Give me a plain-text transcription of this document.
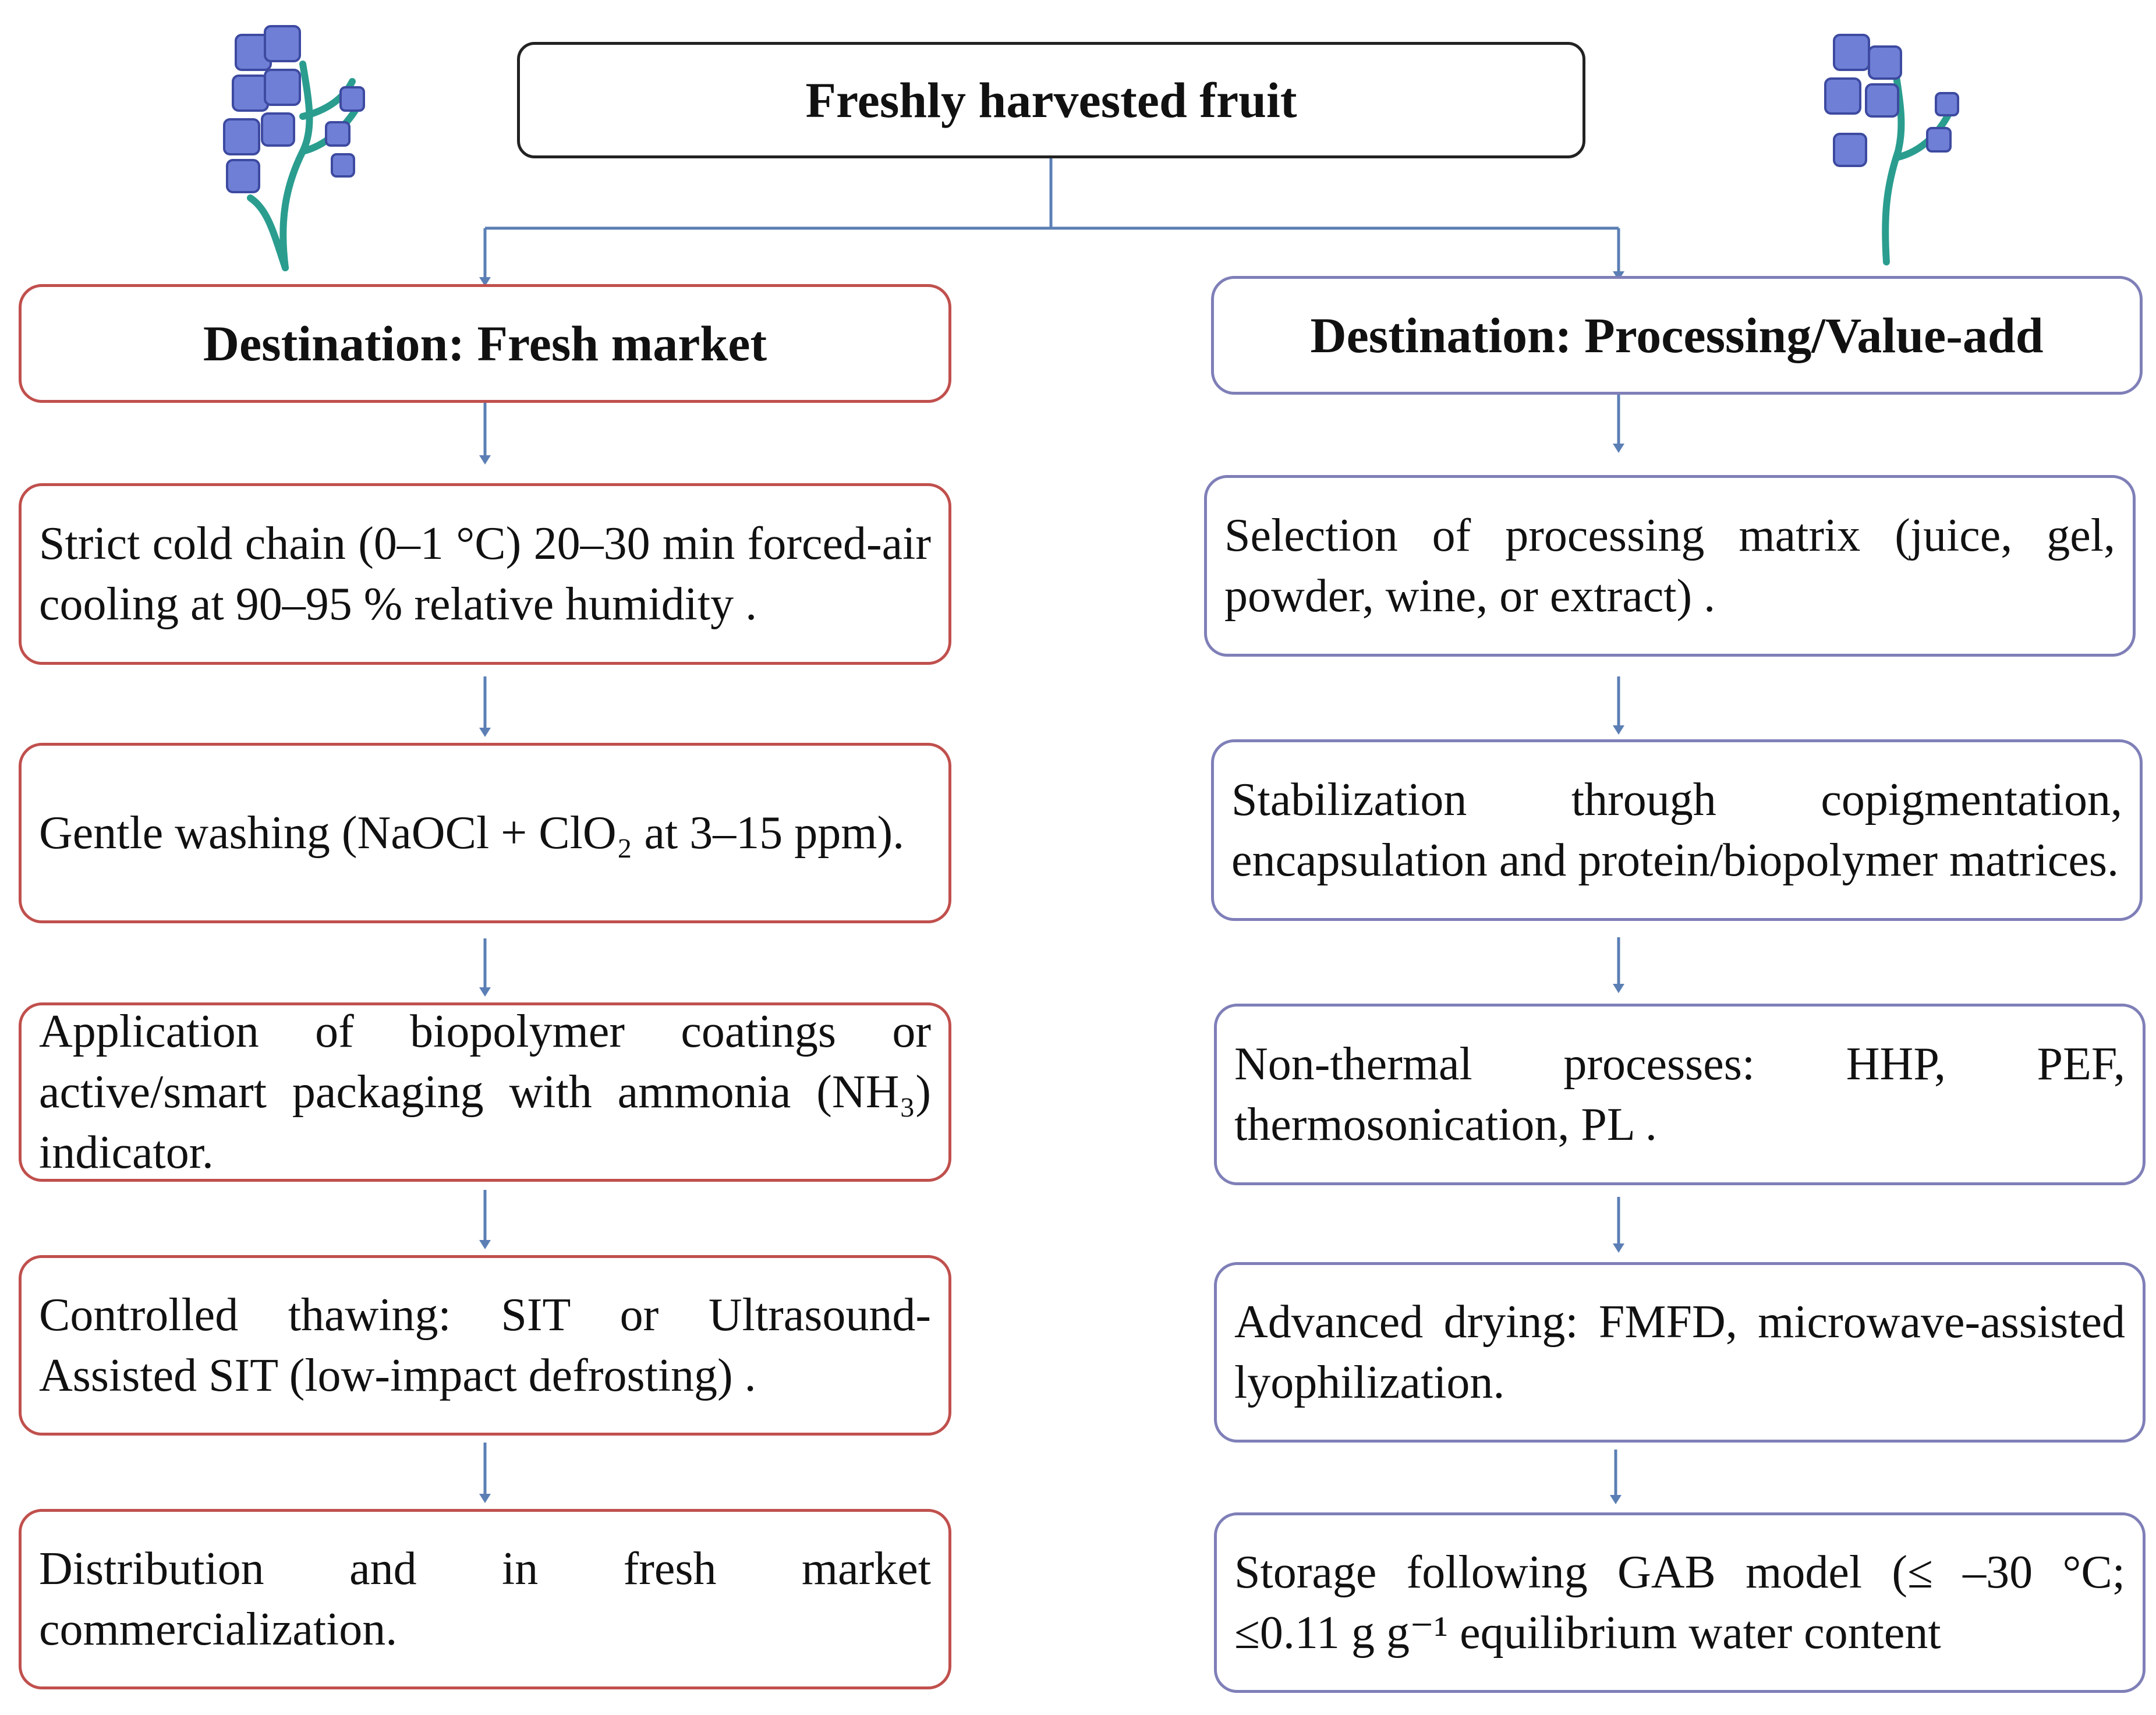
Freshly harvested fruit
Destination: Fresh market
Strict cold chain (0–1 °C) 20–30 min forced-air cooling at 90–95 % relative humidity .
Gentle washing (NaOCl + ClO₂ at 3–15 ppm).
Application of biopolymer coatings or active/smart packaging with ammonia (NH₃) indicator.
Controlled thawing: SIT or Ultrasound-Assisted SIT (low-impact defrosting) .
Distribution and in fresh market commercialization.
Destination: Processing/Value-add
Selection of processing matrix (juice, gel, powder, wine, or extract) .
Stabilization through copigmentation, encapsulation and protein/biopolymer matrices.
Non-thermal processes: HHP, PEF, thermosonication, PL .
Advanced drying: FMFD, microwave-assisted lyophilization.
Storage following GAB model (≤ –30 °C; ≤0.11 g g⁻¹ equilibrium water content
